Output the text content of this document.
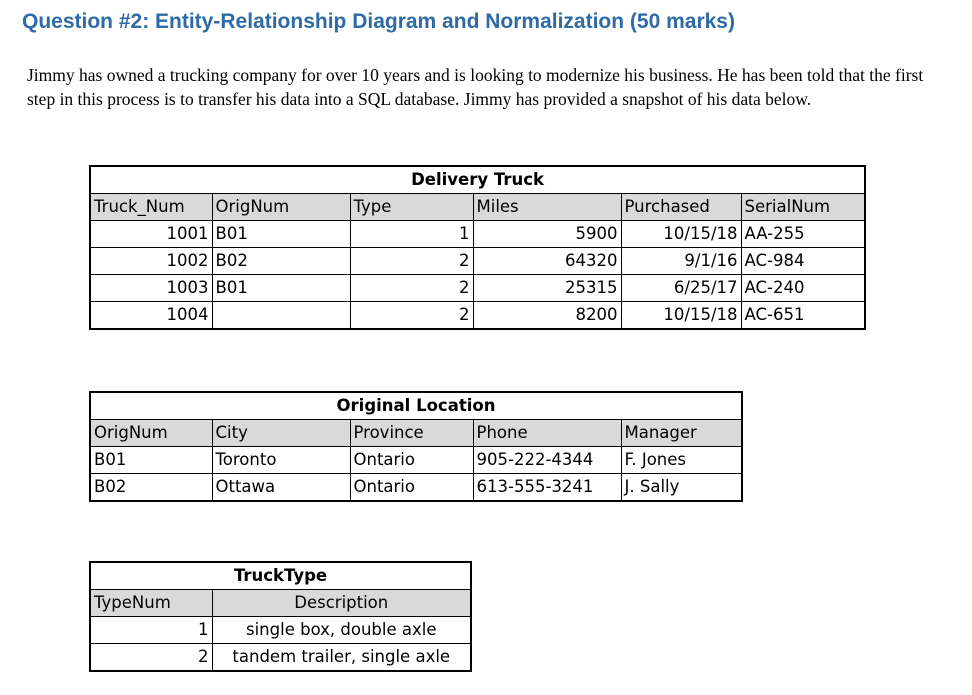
Question #2: Entity-Relationship Diagram and Normalization (50 marks)
Jimmy has owned a trucking company for over 10 years and is looking to modernize his business. He has been told that the first step in this process is to transfer his data into a SQL database. Jimmy has provided a snapshot of his data below.
Delivery Truck					
Truck_Num	OrigNum	Type	Miles	Purchased	SerialNum
1001	B01	1	5900	10/15/18	AA-255
1002	B02	2	64320	9/1/16	AC-984
1003	B01	2	25315	6/25/17	AC-240
1004		2	8200	10/15/18	AC-651
Original Location				
OrigNum	City	Province	Phone	Manager
B01	Toronto	Ontario	905-222-4344	F. Jones
B02	Ottawa	Ontario	613-555-3241	J. Sally
TruckType	
TypeNum	Description
1	single box, double axle
2	tandem trailer, single axle
